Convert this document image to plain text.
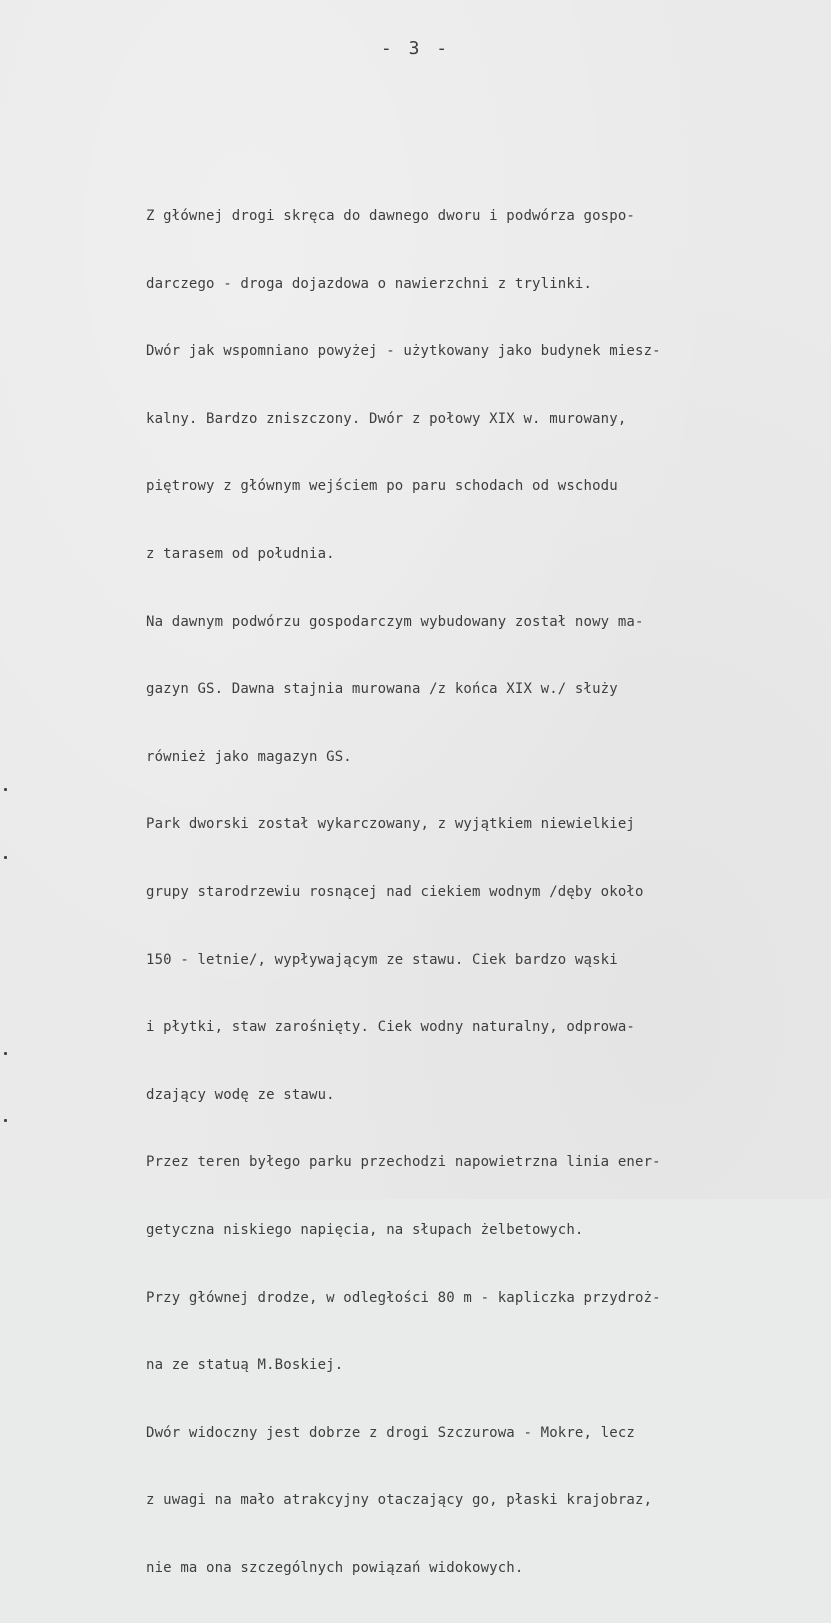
- 3 -

Z głównej drogi skręca do dawnego dworu i podwórza gospo-

darczego - droga dojazdowa o nawierzchni z trylinki.

Dwór jak wspomniano powyżej - użytkowany jako budynek miesz-

kalny. Bardzo zniszczony. Dwór z połowy XIX w. murowany,

piętrowy z głównym wejściem po paru schodach od wschodu

z tarasem od południa.

Na dawnym podwórzu gospodarczym wybudowany został nowy ma-

gazyn GS. Dawna stajnia murowana /z końca XIX w./ służy

również jako magazyn GS.

Park dworski został wykarczowany, z wyjątkiem niewielkiej

grupy starodrzewiu rosnącej nad ciekiem wodnym /dęby około

150 - letnie/, wypływającym ze stawu. Ciek bardzo wąski

i płytki, staw zarośnięty. Ciek wodny naturalny, odprowa-

dzający wodę ze stawu.

Przez teren byłego parku przechodzi napowietrzna linia ener-

getyczna niskiego napięcia, na słupach żelbetowych.

Przy głównej drodze, w odległości 80 m - kapliczka przydroż-

na ze statuą M.Boskiej.

Dwór widoczny jest dobrze z drogi Szczurowa - Mokre, lecz

z uwagi na mało atrakcyjny otaczający go, płaski krajobraz,

nie ma ona szczególnych powiązań widokowych.
